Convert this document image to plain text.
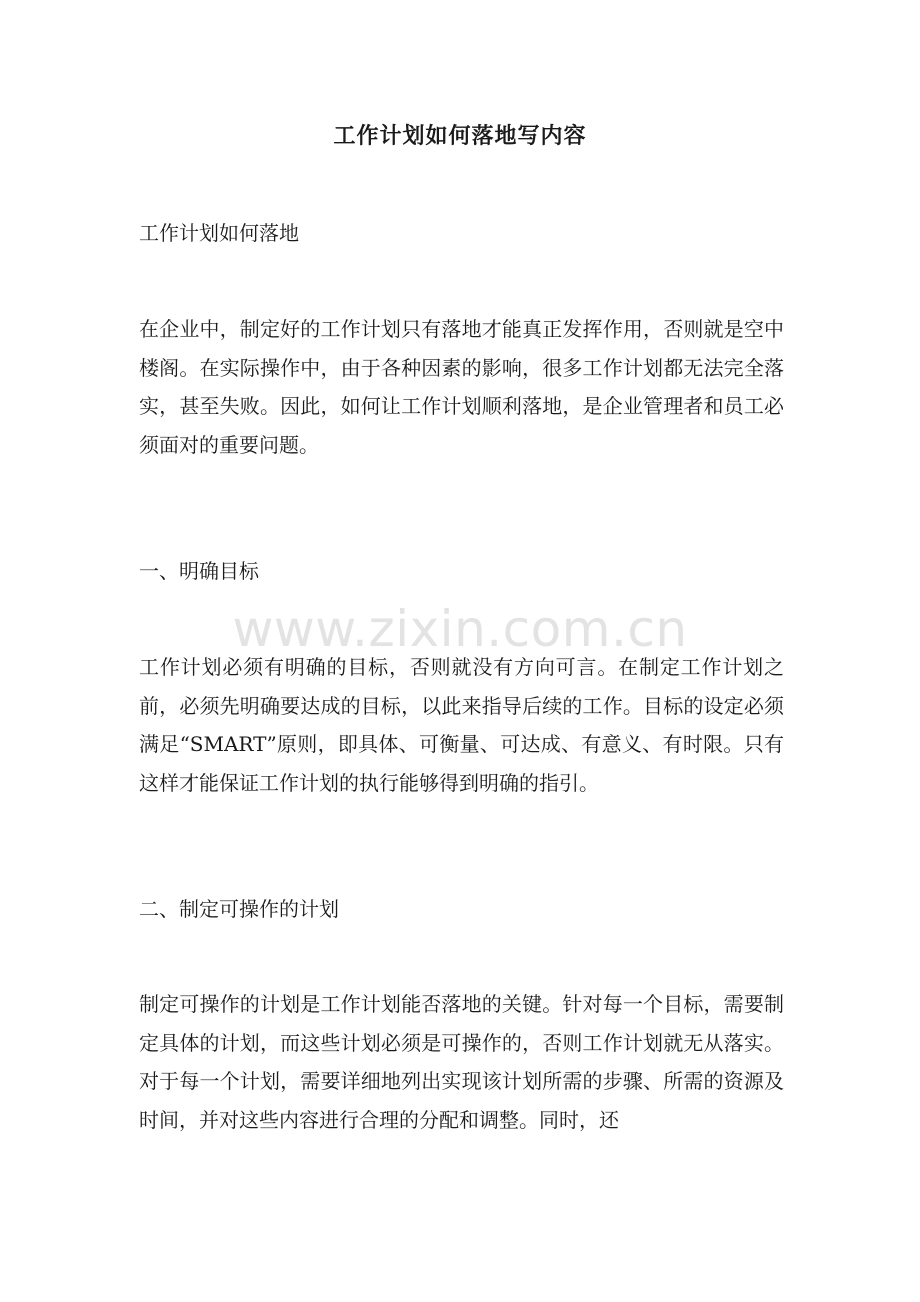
工作计划如何落地写内容

工作计划如何落地

在企业中，制定好的工作计划只有落地才能真正发挥作用，否则就是空中楼阁。在实际操作中，由于各种因素的影响，很多工作计划都无法完全落实，甚至失败。因此，如何让工作计划顺利落地，是企业管理者和员工必须面对的重要问题。

一、明确目标

工作计划必须有明确的目标，否则就没有方向可言。在制定工作计划之前，必须先明确要达成的目标，以此来指导后续的工作。目标的设定必须满足“SMART”原则，即具体、可衡量、可达成、有意义、有时限。只有这样才能保证工作计划的执行能够得到明确的指引。

二、制定可操作的计划

制定可操作的计划是工作计划能否落地的关键。针对每一个目标，需要制定具体的计划，而这些计划必须是可操作的，否则工作计划就无从落实。对于每一个计划，需要详细地列出实现该计划所需的步骤、所需的资源及时间，并对这些内容进行合理的分配和调整。同时，还

www.zixin.com.cn
